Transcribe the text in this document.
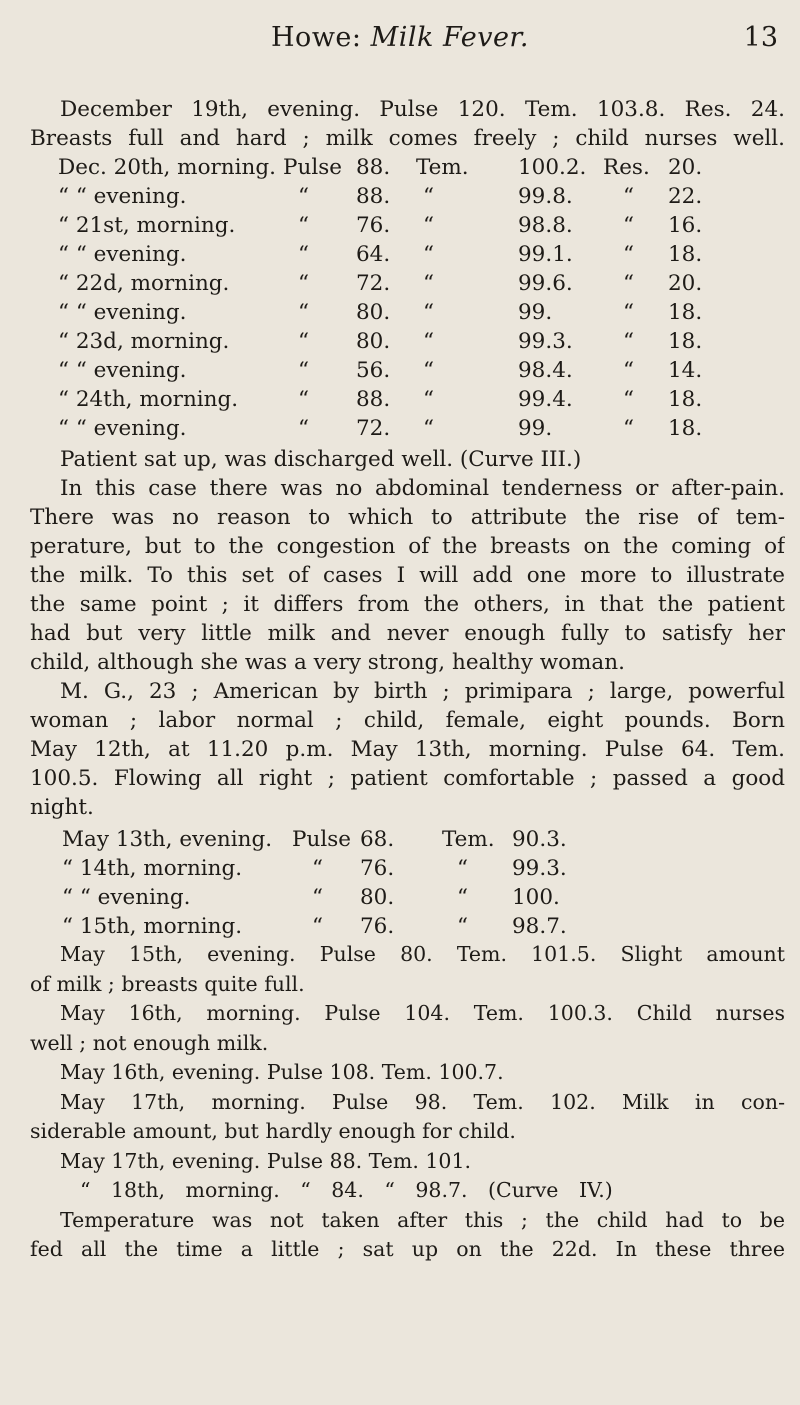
Howe: Milk Fever.	13
December 19th, evening. Pulse 120. Tem. 103.8. Res. 24.
Breasts full and hard ; milk comes freely ; child nurses well.
Dec. 20th, morning. Pulse 88. Tem. 100.2. Res. 20.
“ “ evening.	“ 88. “	99.8. “ 22.
“ 21st, morning.	“ 76. “	98.8. “ 16.
“ “ evening.	“ 64. “	99.1. “ 18.
“ 22d, morning.	“ 72. “	99.6. “ 20.
“ “ evening.	“ 80. “	99.	“ 18.
“ 23d, morning.	“ 80. “	99.3. “ 18.
“ “ evening.	“ 56. “	98.4. “ 14.
“ 24th, morning.	“ 88. “	99.4. “ 18.
“ “ evening.	“ 72. “	99.	“ 18.
Patient sat up, was discharged well. (Curve III.)
In this case there was no abdominal tenderness or after-pain.
There was no reason to which to attribute the rise of tem-
perature, but to the congestion of the breasts on the coming of
the milk. To this set of cases I will add one more to illustrate
the same point ; it differs from the others, in that the patient
had but very little milk and never enough fully to satisfy her
child, although she was a very strong, healthy woman.
M. G., 23 ; American by birth ; primipara ; large, powerful
woman ; labor normal ; child, female, eight pounds. Born
May 12th, at 11.20 p.m. May 13th, morning. Pulse 64. Tem.
100.5. Flowing all right ; patient comfortable ; passed a good
night.
May 13th, evening. Pulse 68. Tem. 90.3.
“ 14th, morning.	“ 76.	“ 99.3.
“ “ evening.	“ 80.	“ 100.
“ 15th, morning.	“ 76.	“ 98.7.
May 15th, evening. Pulse 80. Tem. 101.5. Slight amount
of milk ; breasts quite full.
May 16th, morning. Pulse 104. Tem. 100.3. Child nurses
well ; not enough milk.
May 16th, evening. Pulse 108. Tem. 100.7.
May 17th, morning. Pulse 98. Tem. 102. Milk in con-
siderable amount, but hardly enough for child.
May 17th, evening. Pulse 88. Tem. 101.
“ 18th, morning. “ 84. “ 98.7. (Curve IV.)
Temperature was not taken after this ; the child had to be
fed all the time a little ; sat up on the 22d. In these three
